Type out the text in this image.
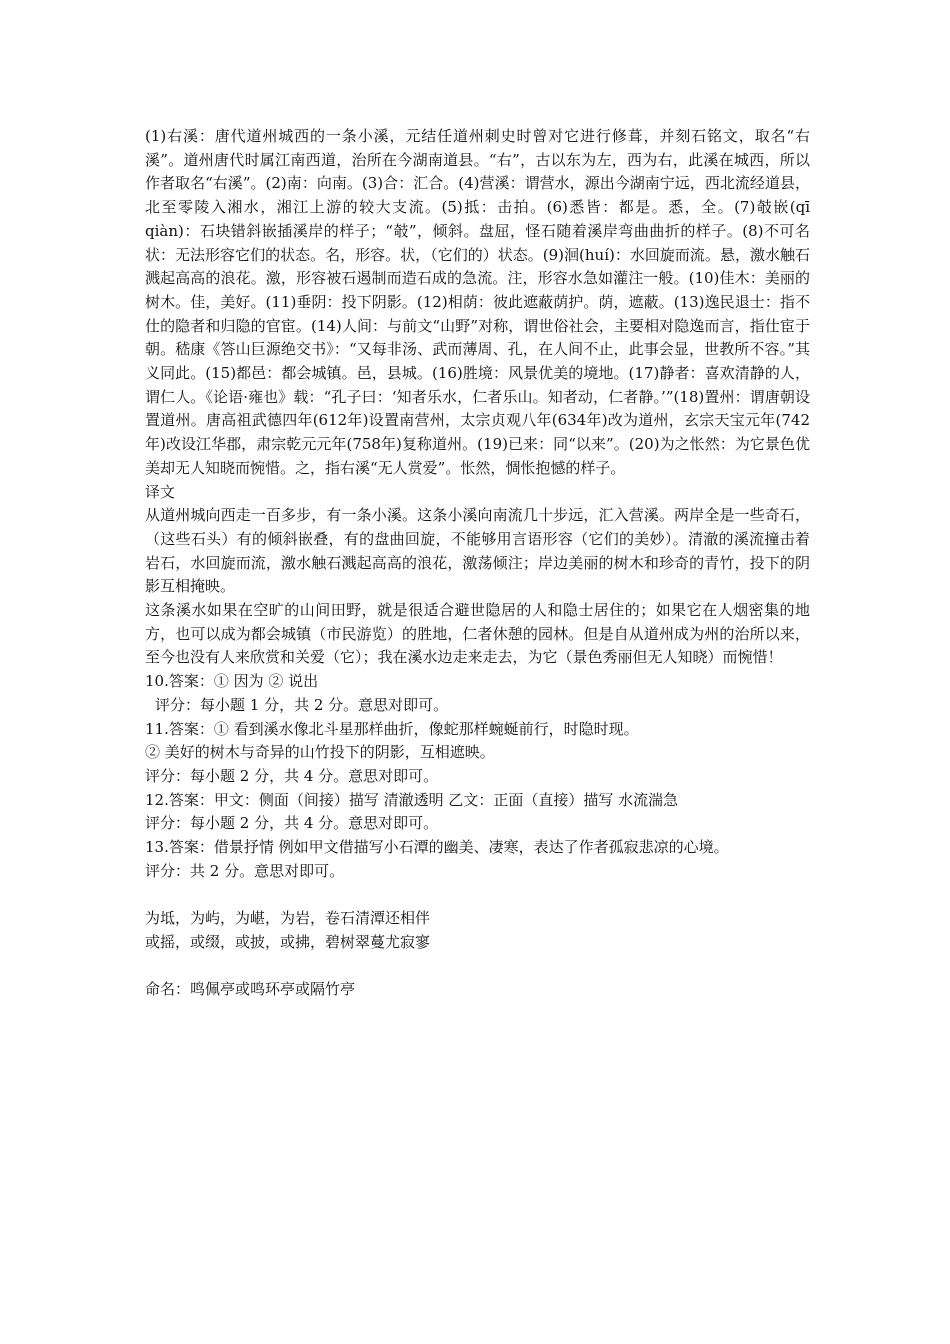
(1)右溪：唐代道州城西的一条小溪，元结任道州刺史时曾对它进行修葺，并刻石铭文，取名“右溪”。道州唐代时属江南西道，治所在今湖南道县。“右”，古以东为左，西为右，此溪在城西，所以作者取名“右溪”。(2)南：向南。(3)合：汇合。(4)营溪：谓营水，源出今湖南宁远，西北流经道县，北至零陵入湘水，湘江上游的较大支流。(5)抵：击拍。(6)悉皆：都是。悉，全。(7)攲嵌(qī qiàn)：石块错斜嵌插溪岸的样子；“攲”，倾斜。盘屈，怪石随着溪岸弯曲曲折的样子。(8)不可名状：无法形容它们的状态。名，形容。状，（它们的）状态。(9)洄(huí)：水回旋而流。悬，激水触石溅起高高的浪花。激，形容被石遏制而造石成的急流。注，形容水急如灌注一般。(10)佳木：美丽的树木。佳，美好。(11)垂阴：投下阴影。(12)相荫：彼此遮蔽荫护。荫，遮蔽。(13)逸民退士：指不仕的隐者和归隐的官宦。(14)人间：与前文“山野”对称，谓世俗社会，主要相对隐逸而言，指仕宦于朝。嵇康《答山巨源绝交书》：“又每非汤、武而薄周、孔，在人间不止，此事会显，世教所不容。”其义同此。(15)都邑：都会城镇。邑，县城。(16)胜境：风景优美的境地。(17)静者：喜欢清静的人，谓仁人。《论语·雍也》载：“孔子曰：‘知者乐水，仁者乐山。知者动，仁者静。’”(18)置州：谓唐朝设置道州。唐高祖武德四年(612年)设置南营州，太宗贞观八年(634年)改为道州，玄宗天宝元年(742年)改设江华郡，肃宗乾元元年(758年)复称道州。(19)已来：同“以来”。(20)为之怅然：为它景色优美却无人知晓而惋惜。之，指右溪“无人赏爱”。怅然，惆怅抱憾的样子。

译文

从道州城向西走一百多步，有一条小溪。这条小溪向南流几十步远，汇入营溪。两岸全是一些奇石，（这些石头）有的倾斜嵌叠，有的盘曲回旋，不能够用言语形容（它们的美妙）。清澈的溪流撞击着岩石，水回旋而流，激水触石溅起高高的浪花，激荡倾注；岸边美丽的树木和珍奇的青竹，投下的阴影互相掩映。

这条溪水如果在空旷的山间田野，就是很适合避世隐居的人和隐士居住的；如果它在人烟密集的地方，也可以成为都会城镇（市民游览）的胜地，仁者休憩的园林。但是自从道州成为州的治所以来，至今也没有人来欣赏和关爱（它）；我在溪水边走来走去，为它（景色秀丽但无人知晓）而惋惜！

10.答案：① 因为 ② 说出
评分：每小题 1 分，共 2 分。意思对即可。
11.答案：① 看到溪水像北斗星那样曲折，像蛇那样蜿蜒前行，时隐时现。
② 美好的树木与奇异的山竹投下的阴影，互相遮映。
评分：每小题 2 分，共 4 分。意思对即可。
12.答案：甲文：侧面（间接）描写 清澈透明 乙文：正面（直接）描写 水流湍急
评分：每小题 2 分，共 4 分。意思对即可。
13.答案：借景抒情 例如甲文借描写小石潭的幽美、凄寒，表达了作者孤寂悲凉的心境。
评分：共 2 分。意思对即可。
为坻，为屿，为嵁，为岩，卷石清潭还相伴
或摇，或缀，或披，或拂，碧树翠蔓尤寂寥
命名：鸣佩亭或鸣环亭或隔竹亭
